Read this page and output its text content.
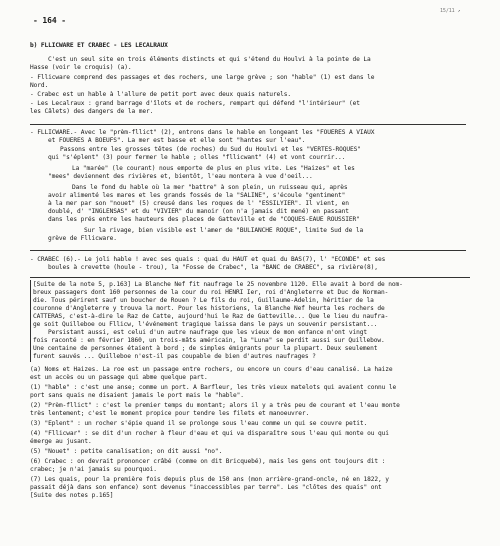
- 164 -
15/11 ↗
b) FLLICWARE ET CRABEC - LES LECALRAUX
C'est un seul site en trois éléments distincts et qui s'étend du Houlvi à la pointe de La
Hasse (voir le croquis) (a).
- Fllicware comprend des passages et des rochers, une large grève ; son "hable" (1) est dans le
Nord.
- Crabec est un hable à l'allure de petit port avec deux quais naturels.
- Les Lecalraux : grand barrage d'îlots et de rochers, rempart qui défend "l'intérieur" (et
les Câlets) des dangers de la mer.
- FLLICWARE.- Avec le "prèm-fllict" (2), entrons dans le hable en longeant les "FOUERES A VIAUX
et FOUERES A BOEUFS". La mer est basse et elle sont "hantes sur l'eau".
Passons entre les grosses têtes (de roches) du Sud du Houlvi et les "VERTES-ROQUES"
qui "s'éplent" (3) pour fermer le hable ; olles "fllicwant" (4) et vont courrir...
La "marée" (le courant) nous emporte de plus en plus vite. Les "Haizes" et les
"mees" deviennent des rivières et, bientôt, l'eau montera à vue d'oeil...
Dans le fond du hable où la mer "battre" à son plein, un ruisseau qui, après
avoir alimenté les mares et les grands fossés de la "SALINE", s'écoule "gentiment"
à la mer par son "nouet" (5) creusé dans les roques de l' "ESSILYIER". Il vient, en
doublé, d' "INGLENSAS" et du "VIVIER" du manoir (on n'a jamais dit mené) en passant
dans les prés entre les hauteurs des places de Gatteville et de "COQUES-EAUE ROUSSIER"
Sur la rivage, bien visible est l'amer de "BULIANCHE ROQUE", limite Sud de la
grève de Fllicware.
- CRABEC (6).- Le joli hable ! avec ses quais : quai du HAUT et quai du BAS(7), l' "ECONDE" et ses
boules à crevette (houle - trou), la "Fosse de Crabec", la "BANC de CRABEC", sa rivière(8),
[Suite de la note 5, p.163] La Blanche Nef fit naufrage le 25 novembre 1120. Elle avait à bord de nom-
breux passagers dont 160 personnes de la cour du roi HENRI Ier, roi d'Angleterre et Duc de Norman-
die. Tous périrent sauf un boucher de Rouen ? Le fils du roi, Guillaume-Adelin, héritier de la
couronne d'Angleterre y trouva la mort. Pour les historiens, la Blanche Nef heurta les rochers de
CATTERAS, c'est-à-dire le Raz de Catte, aujourd'hui le Raz de Gatteville... Que le lieu du naufra-
ge soit Quilleboe ou Fllicw, l'événement tragique laissa dans le pays un souvenir persistant...
Persistant aussi, est celui d'un autre naufrage que les vieux de mon enfance m'ont vingt
fois raconté : en février 1860, un trois-mâts américain, la "Luna" se perdit aussi sur Quillebow.
Une centaine de personnes étaient à bord ; de simples émigrants pour la plupart. Deux seulement
furent sauvés ... Quilleboe n'est-il pas coupable de bien d'autres naufrages ?
(a) Noms et Haizes. La roe est un passage entre rochers, ou encore un cours d'eau canalisé. La haize
est un accès ou un passage qui abme quelque part.
(1) "hable" : c'est une anse; comme un port. A Barfleur, les très vieux matelots qui avaient connu le
port sans quais ne disaient jamais le port mais le "hable".
(2) "Prèm-fllict" : c'est le premier temps du montant; alors il y a très peu de courant et l'eau monte
très lentement; c'est le moment propice pour tendre les filets et manoeuvrer.
(3) "Eplent" : un rocher s'épie quand il se prolonge sous l'eau comme un qui se couvre petit.
(4) "Fllicwar" : se dit d'un rocher à fleur d'eau et qui va disparaître sous l'eau qui monte ou qui
émerge au jusant.
(5) "Nouet" : petite canalisation; on dit aussi "no".
(6) Crabec : on devrait prononcer crâbé (comme on dit Bricquebé), mais les gens ont toujours dit :
crabec; je n'ai jamais su pourquoi.
(7) Les quais, pour la première fois depuis plus de 150 ans (mon arrière-grand-oncle, né en 1822, y
passait déjà dans son enfance) sont devenus "inaccessibles par terre". Les "clôtes des quais" ont
[Suite des notes p.165]
